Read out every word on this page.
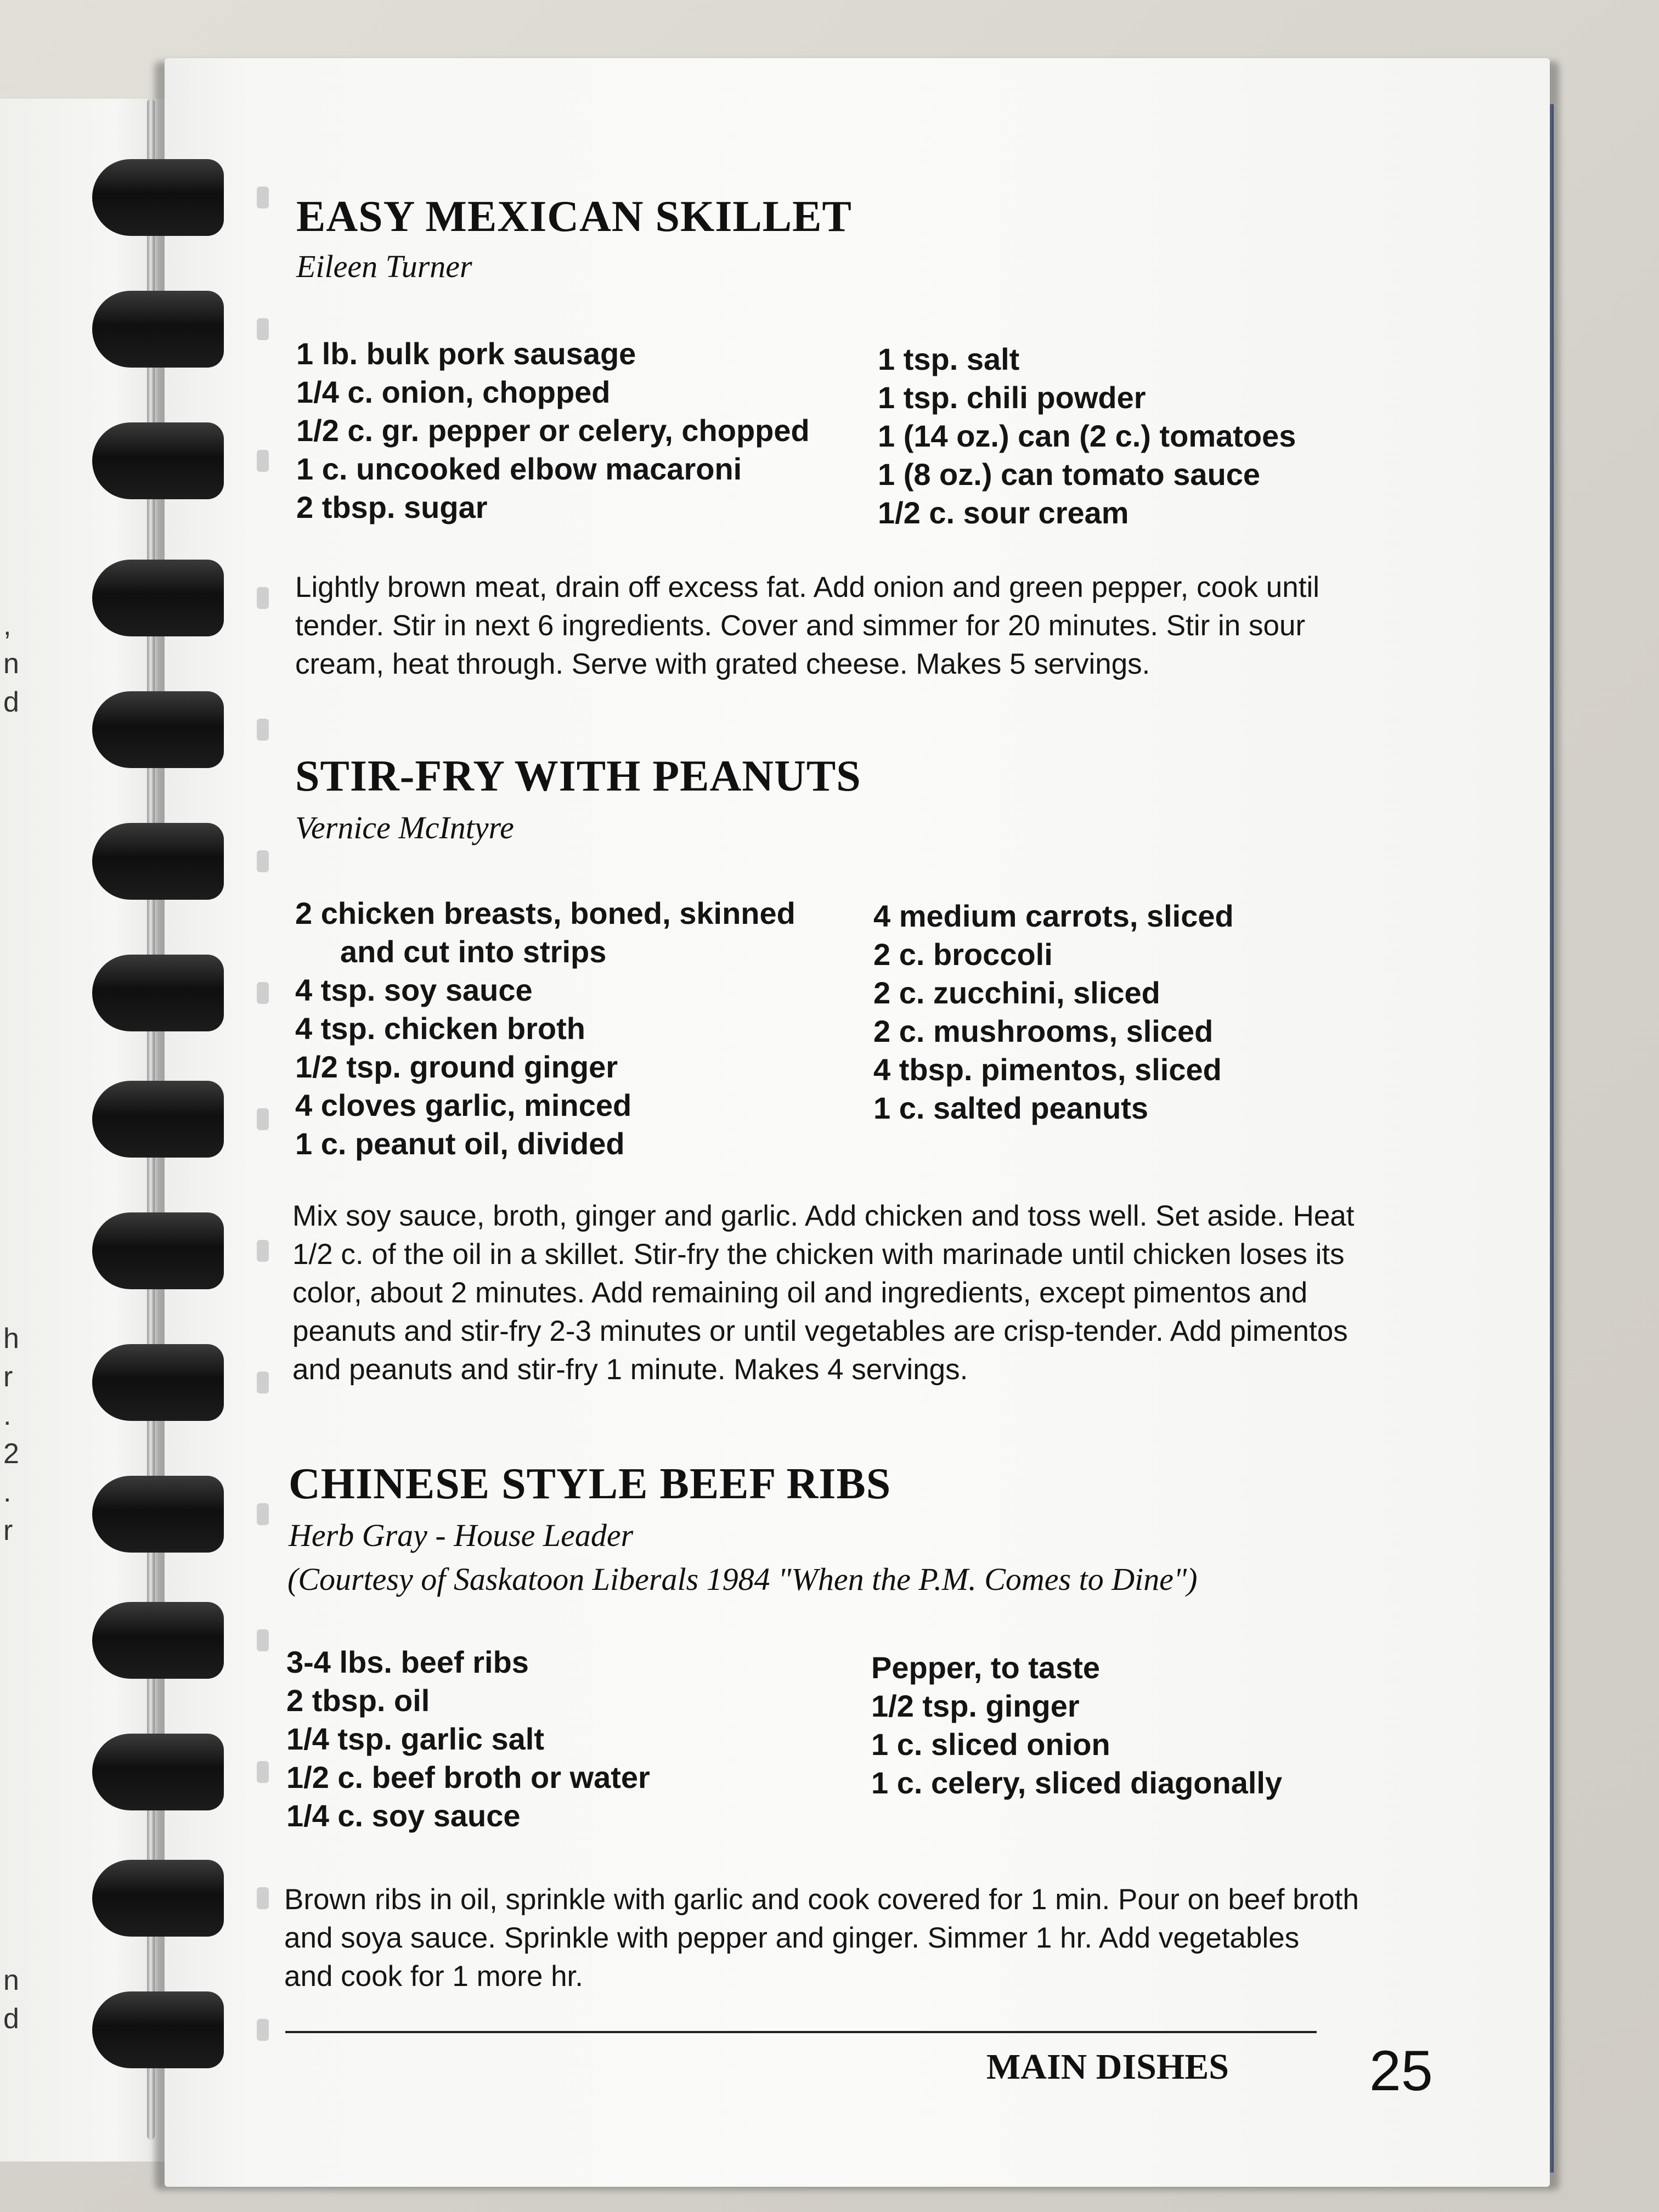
,
n
d
h
r
.
2
.
r
n
d
EASY MEXICAN SKILLET
Eileen Turner
1 lb. bulk pork sausage
1/4 c. onion, chopped
1/2 c. gr. pepper or celery, chopped
1 c. uncooked elbow macaroni
2 tbsp. sugar
1 tsp. salt
1 tsp. chili powder
1 (14 oz.) can (2 c.) tomatoes
1 (8 oz.) can tomato sauce
1/2 c. sour cream
Lightly brown meat, drain off excess fat. Add onion and green pepper, cook until
tender. Stir in next 6 ingredients. Cover and simmer for 20 minutes. Stir in sour
cream, heat through. Serve with grated cheese. Makes 5 servings.
STIR-FRY WITH PEANUTS
Vernice McIntyre
2 chicken breasts, boned, skinned
and cut into strips
4 tsp. soy sauce
4 tsp. chicken broth
1/2 tsp. ground ginger
4 cloves garlic, minced
1 c. peanut oil, divided
4 medium carrots, sliced
2 c. broccoli
2 c. zucchini, sliced
2 c. mushrooms, sliced
4 tbsp. pimentos, sliced
1 c. salted peanuts
Mix soy sauce, broth, ginger and garlic. Add chicken and toss well. Set aside. Heat
1/2 c. of the oil in a skillet. Stir-fry the chicken with marinade until chicken loses its
color, about 2 minutes. Add remaining oil and ingredients, except pimentos and
peanuts and stir-fry 2-3 minutes or until vegetables are crisp-tender. Add pimentos
and peanuts and stir-fry 1 minute. Makes 4 servings.
CHINESE STYLE BEEF RIBS
Herb Gray - House Leader
(Courtesy of Saskatoon Liberals 1984 "When the P.M. Comes to Dine")
3-4 lbs. beef ribs
2 tbsp. oil
1/4 tsp. garlic salt
1/2 c. beef broth or water
1/4 c. soy sauce
Pepper, to taste
1/2 tsp. ginger
1 c. sliced onion
1 c. celery, sliced diagonally
Brown ribs in oil, sprinkle with garlic and cook covered for 1 min. Pour on beef broth
and soya sauce. Sprinkle with pepper and ginger. Simmer 1 hr. Add vegetables
and cook for 1 more hr.
MAIN DISHES 25
